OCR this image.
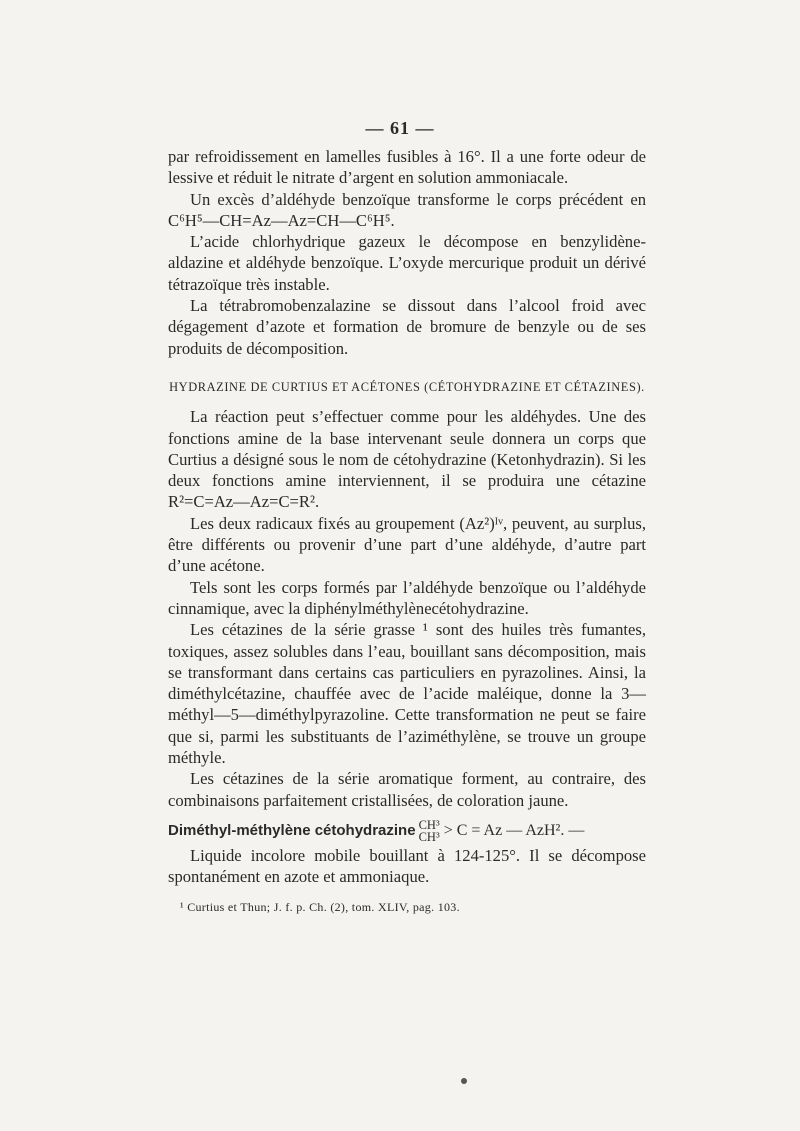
— 61 —

par refroidissement en lamelles fusibles à 16°. Il a une forte odeur de lessive et réduit le nitrate d’argent en solution ammoniacale.

Un excès d’aldéhyde benzoïque transforme le corps précédent en C⁶H⁵—CH=Az—Az=CH—C⁶H⁵.

L’acide chlorhydrique gazeux le décompose en benzylidène-aldazine et aldéhyde benzoïque. L’oxyde mercurique produit un dérivé tétrazoïque très instable.

La tétrabromobenzalazine se dissout dans l’alcool froid avec dégagement d’azote et formation de bromure de benzyle ou de ses produits de décomposition.

HYDRAZINE DE CURTIUS ET ACÉTONES (CÉTOHYDRAZINE ET CÉTAZINES).

La réaction peut s’effectuer comme pour les aldéhydes. Une des fonctions amine de la base intervenant seule donnera un corps que Curtius a désigné sous le nom de cétohydrazine (Ketonhydrazin). Si les deux fonctions amine interviennent, il se produira une cétazine R²=C=Az—Az=C=R².

Les deux radicaux fixés au groupement (Az²)ᴵᵛ, peuvent, au surplus, être différents ou provenir d’une part d’une aldéhyde, d’autre part d’une acétone.

Tels sont les corps formés par l’aldéhyde benzoïque ou l’aldéhyde cinnamique, avec la diphénylméthylènecétohydrazine.

Les cétazines de la série grasse ¹ sont des huiles très fumantes, toxiques, assez solubles dans l’eau, bouillant sans décomposition, mais se transformant dans certains cas particuliers en pyrazolines. Ainsi, la diméthylcétazine, chauffée avec de l’acide maléique, donne la 3—méthyl—5—diméthylpyrazoline. Cette transformation ne peut se faire que si, parmi les substituants de l’aziméthylène, se trouve un groupe méthyle.

Les cétazines de la série aromatique forment, au contraire, des combinaisons parfaitement cristallisées, de coloration jaune.

Diméthyl-méthylène cétohydrazine CH³
CH³ > C = Az — AzH². —

Liquide incolore mobile bouillant à 124-125°. Il se décompose spontanément en azote et ammoniaque.

¹ Curtius et Thun; J. f. p. Ch. (2), tom. XLIV, pag. 103.
